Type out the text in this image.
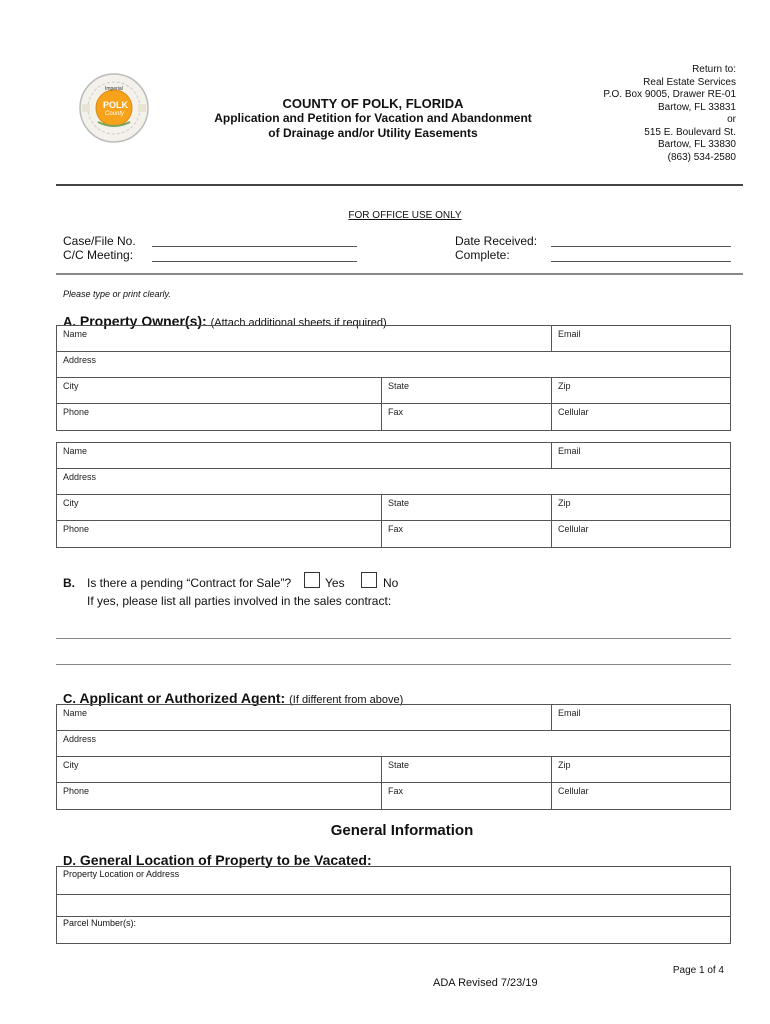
Imperial
POLK
County
COUNTY OF POLK, FLORIDA
Application and Petition for Vacation and Abandonment
of Drainage and/or Utility Easements
Return to:
Real Estate Services
P.O. Box 9005, Drawer RE-01
Bartow, FL 33831
or
515 E. Boulevard St.
Bartow, FL 33830
(863) 534-2580
FOR OFFICE USE ONLY
Case/File No.
C/C Meeting:
Date Received:
Complete:
Please type or print clearly.
A. Property Owner(s): (Attach additional sheets if required)
Name	Email
Address
City	State	Zip
Phone	Fax	Cellular
Name	Email
Address
City	State	Zip
Phone	Fax	Cellular
B. Is there a pending “Contract for Sale”?	Yes	No
If yes, please list all parties involved in the sales contract:
C. Applicant or Authorized Agent: (If different from above)
Name	Email
Address
City	State	Zip
Phone	Fax	Cellular
General Information
D. General Location of Property to be Vacated:
Property Location or Address
Parcel Number(s):
Page 1 of 4
ADA Revised 7/23/19
